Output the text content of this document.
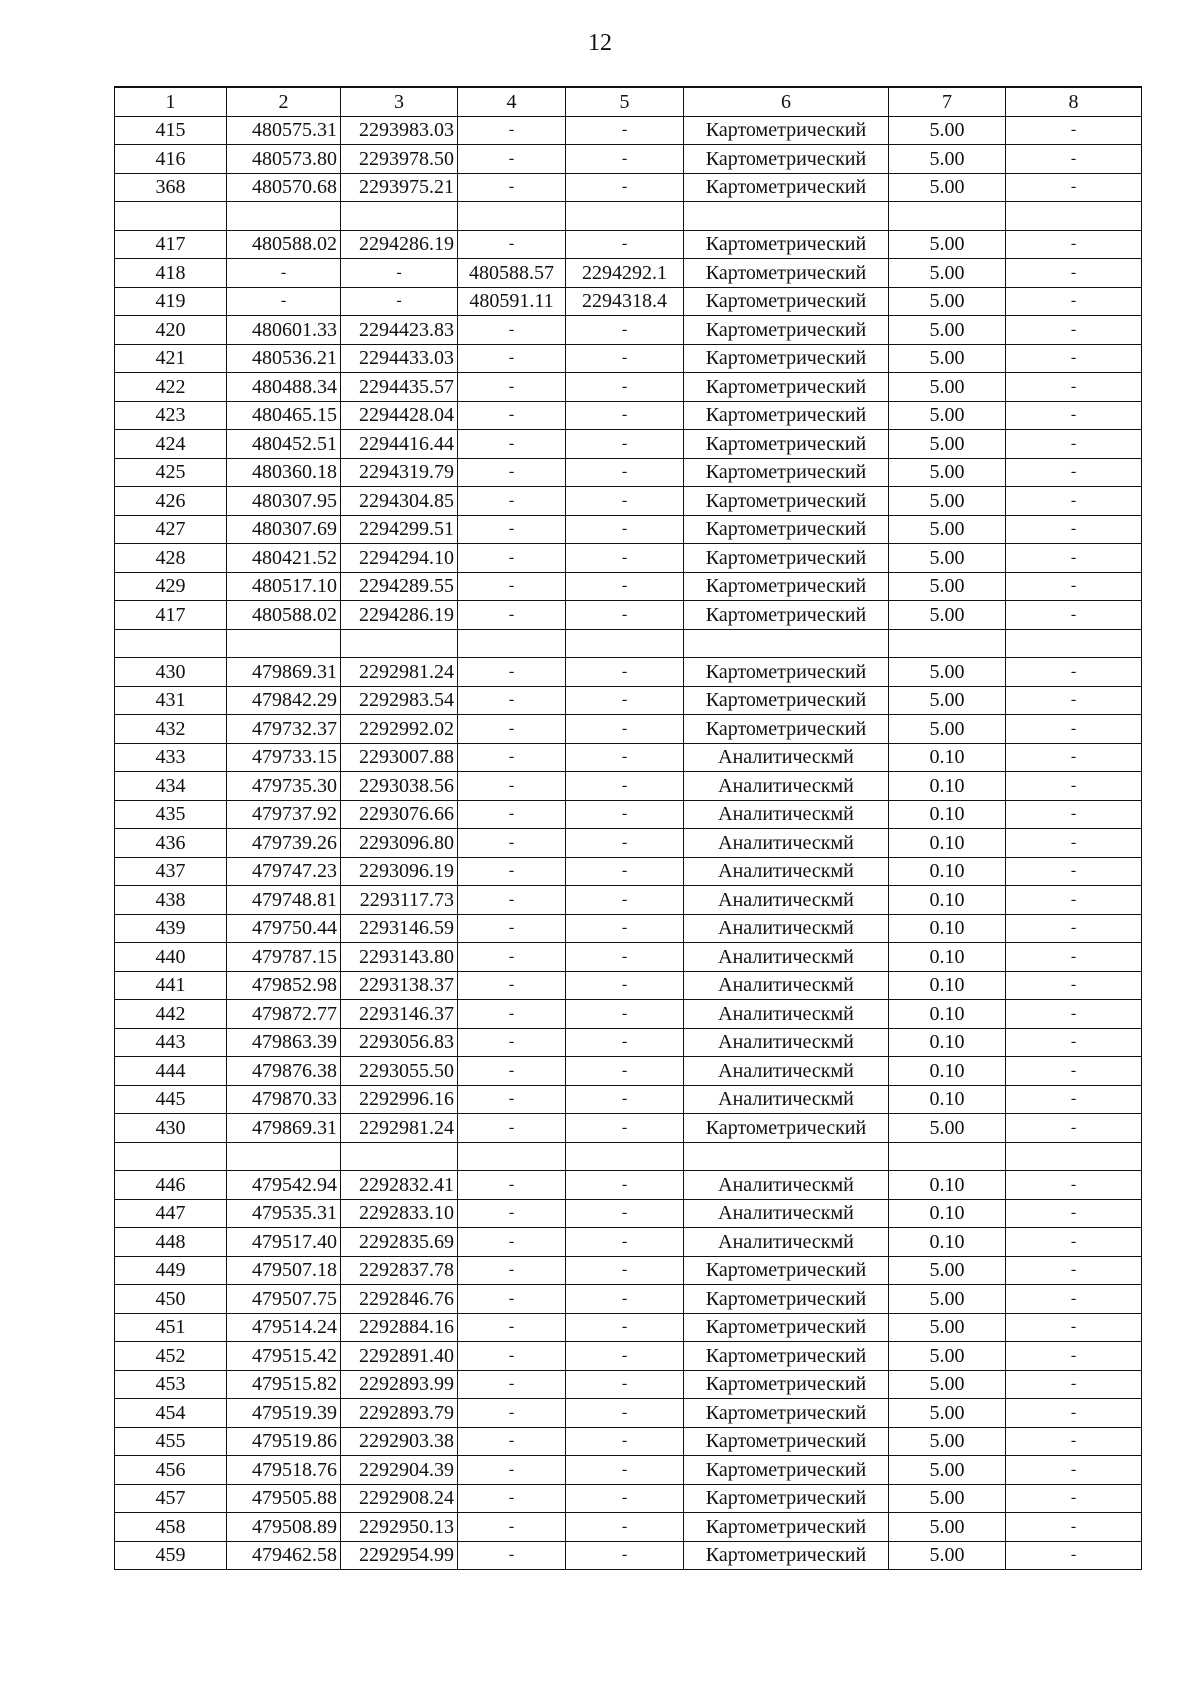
12
1	2	3	4	5	6	7	8
415	480575.31	2293983.03	-	-	Картометрический	5.00	-
416	480573.80	2293978.50	-	-	Картометрический	5.00	-
368	480570.68	2293975.21	-	-	Картометрический	5.00	-

417	480588.02	2294286.19	-	-	Картометрический	5.00	-
418	-	-	480588.57	2294292.1	Картометрический	5.00	-
419	-	-	480591.11	2294318.4	Картометрический	5.00	-
420	480601.33	2294423.83	-	-	Картометрический	5.00	-
421	480536.21	2294433.03	-	-	Картометрический	5.00	-
422	480488.34	2294435.57	-	-	Картометрический	5.00	-
423	480465.15	2294428.04	-	-	Картометрический	5.00	-
424	480452.51	2294416.44	-	-	Картометрический	5.00	-
425	480360.18	2294319.79	-	-	Картометрический	5.00	-
426	480307.95	2294304.85	-	-	Картометрический	5.00	-
427	480307.69	2294299.51	-	-	Картометрический	5.00	-
428	480421.52	2294294.10	-	-	Картометрический	5.00	-
429	480517.10	2294289.55	-	-	Картометрический	5.00	-
417	480588.02	2294286.19	-	-	Картометрический	5.00	-

430	479869.31	2292981.24	-	-	Картометрический	5.00	-
431	479842.29	2292983.54	-	-	Картометрический	5.00	-
432	479732.37	2292992.02	-	-	Картометрический	5.00	-
433	479733.15	2293007.88	-	-	Аналитическмй	0.10	-
434	479735.30	2293038.56	-	-	Аналитическмй	0.10	-
435	479737.92	2293076.66	-	-	Аналитическмй	0.10	-
436	479739.26	2293096.80	-	-	Аналитическмй	0.10	-
437	479747.23	2293096.19	-	-	Аналитическмй	0.10	-
438	479748.81	2293117.73	-	-	Аналитическмй	0.10	-
439	479750.44	2293146.59	-	-	Аналитическмй	0.10	-
440	479787.15	2293143.80	-	-	Аналитическмй	0.10	-
441	479852.98	2293138.37	-	-	Аналитическмй	0.10	-
442	479872.77	2293146.37	-	-	Аналитическмй	0.10	-
443	479863.39	2293056.83	-	-	Аналитическмй	0.10	-
444	479876.38	2293055.50	-	-	Аналитическмй	0.10	-
445	479870.33	2292996.16	-	-	Аналитическмй	0.10	-
430	479869.31	2292981.24	-	-	Картометрический	5.00	-

446	479542.94	2292832.41	-	-	Аналитическмй	0.10	-
447	479535.31	2292833.10	-	-	Аналитическмй	0.10	-
448	479517.40	2292835.69	-	-	Аналитическмй	0.10	-
449	479507.18	2292837.78	-	-	Картометрический	5.00	-
450	479507.75	2292846.76	-	-	Картометрический	5.00	-
451	479514.24	2292884.16	-	-	Картометрический	5.00	-
452	479515.42	2292891.40	-	-	Картометрический	5.00	-
453	479515.82	2292893.99	-	-	Картометрический	5.00	-
454	479519.39	2292893.79	-	-	Картометрический	5.00	-
455	479519.86	2292903.38	-	-	Картометрический	5.00	-
456	479518.76	2292904.39	-	-	Картометрический	5.00	-
457	479505.88	2292908.24	-	-	Картометрический	5.00	-
458	479508.89	2292950.13	-	-	Картометрический	5.00	-
459	479462.58	2292954.99	-	-	Картометрический	5.00	-
